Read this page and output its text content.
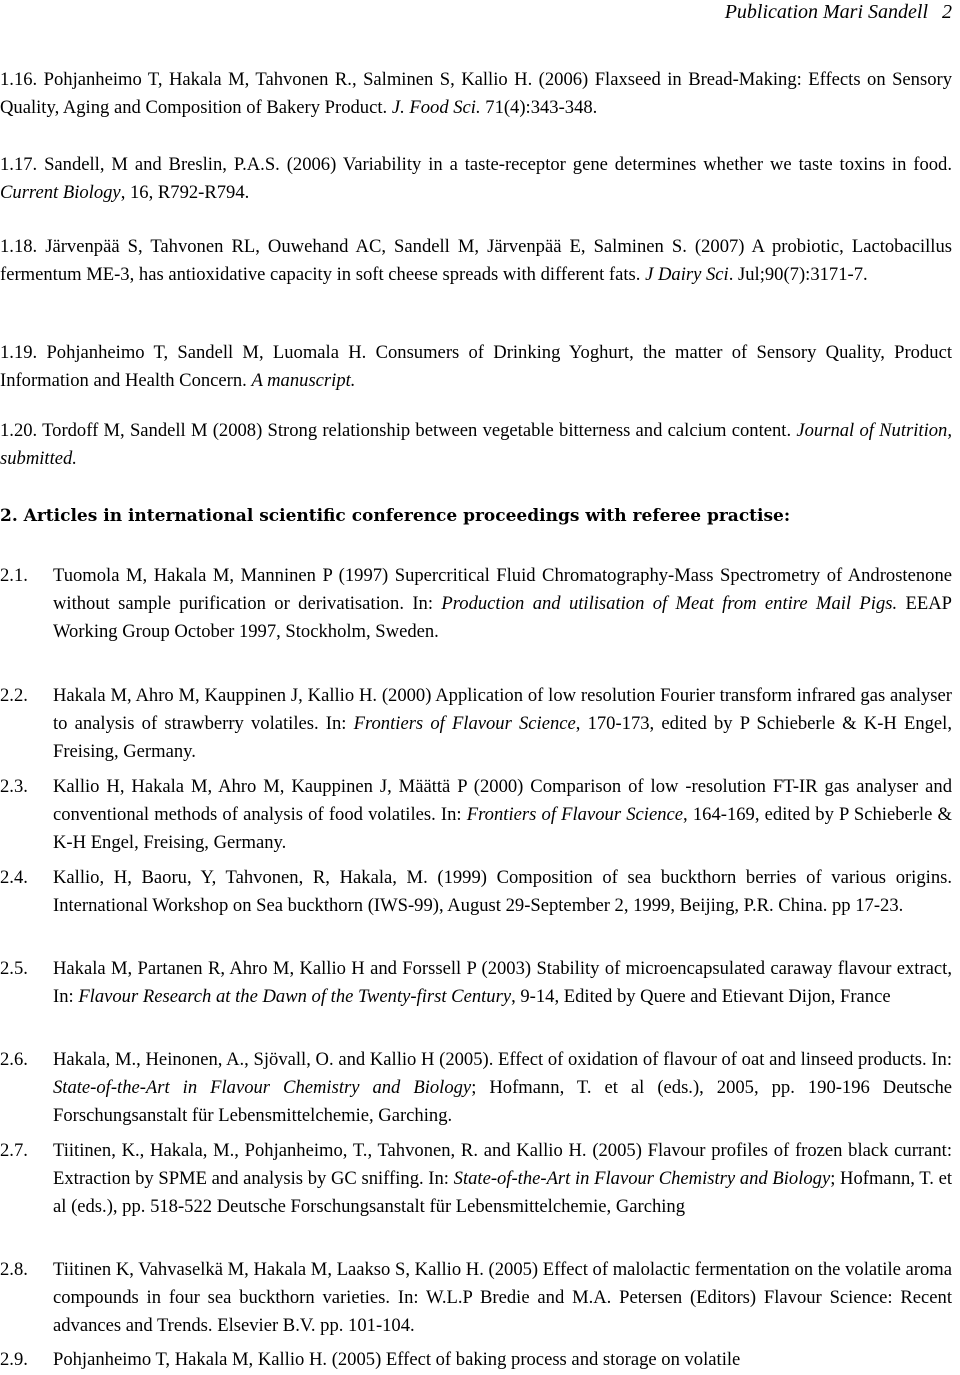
Publication Mari Sandell 2
1.16. Pohjanheimo T, Hakala M, Tahvonen R., Salminen S, Kallio H. (2006) Flaxseed in Bread-Making: Effects on Sensory Quality, Aging and Composition of Bakery Product. J. Food Sci. 71(4):343-348.
1.17. Sandell, M and Breslin, P.A.S. (2006) Variability in a taste-receptor gene determines whether we taste toxins in food. Current Biology, 16, R792-R794.
1.18. Järvenpää S, Tahvonen RL, Ouwehand AC, Sandell M, Järvenpää E, Salminen S. (2007) A probiotic, Lactobacillus fermentum ME-3, has antioxidative capacity in soft cheese spreads with different fats. J Dairy Sci. Jul;90(7):3171-7.
1.19. Pohjanheimo T, Sandell M, Luomala H. Consumers of Drinking Yoghurt, the matter of Sensory Quality, Product Information and Health Concern. A manuscript.
1.20. Tordoff M, Sandell M (2008) Strong relationship between vegetable bitterness and calcium content. Journal of Nutrition, submitted.
2. Articles in international scientific conference proceedings with referee practise:
2.1.	Tuomola M, Hakala M, Manninen P (1997) Supercritical Fluid Chromatography-Mass Spectrometry of Androstenone without sample purification or derivatisation. In: Production and utilisation of Meat from entire Mail Pigs. EEAP Working Group October 1997, Stockholm, Sweden.
2.2.	Hakala M, Ahro M, Kauppinen J, Kallio H. (2000) Application of low resolution Fourier transform infrared gas analyser to analysis of strawberry volatiles. In: Frontiers of Flavour Science, 170-173, edited by P Schieberle & K-H Engel, Freising, Germany.
2.3.	Kallio H, Hakala M, Ahro M, Kauppinen J, Määttä P (2000) Comparison of low -resolution FT-IR gas analyser and conventional methods of analysis of food volatiles. In: Frontiers of Flavour Science, 164-169, edited by P Schieberle & K-H Engel, Freising, Germany.
2.4.	Kallio, H, Baoru, Y, Tahvonen, R, Hakala, M. (1999) Composition of sea buckthorn berries of various origins. International Workshop on Sea buckthorn (IWS-99), August 29-September 2, 1999, Beijing, P.R. China. pp 17-23.
2.5.	Hakala M, Partanen R, Ahro M, Kallio H and Forssell P (2003) Stability of microencapsulated caraway flavour extract, In: Flavour Research at the Dawn of the Twenty-first Century, 9-14, Edited by Quere and Etievant Dijon, France
2.6.	Hakala, M., Heinonen, A., Sjövall, O. and Kallio H (2005). Effect of oxidation of flavour of oat and linseed products. In: State-of-the-Art in Flavour Chemistry and Biology; Hofmann, T. et al (eds.), 2005, pp. 190-196 Deutsche Forschungsanstalt für Lebensmittelchemie, Garching.
2.7.	Tiitinen, K., Hakala, M., Pohjanheimo, T., Tahvonen, R. and Kallio H. (2005) Flavour profiles of frozen black currant: Extraction by SPME and analysis by GC sniffing. In: State-of-the-Art in Flavour Chemistry and Biology; Hofmann, T. et al (eds.), pp. 518-522 Deutsche Forschungsanstalt für Lebensmittelchemie, Garching
2.8.	Tiitinen K, Vahvaselkä M, Hakala M, Laakso S, Kallio H. (2005) Effect of malolactic fermentation on the volatile aroma compounds in four sea buckthorn varieties. In: W.L.P Bredie and M.A. Petersen (Editors) Flavour Science: Recent advances and Trends. Elsevier B.V. pp. 101-104.
2.9.	Pohjanheimo T, Hakala M, Kallio H. (2005) Effect of baking process and storage on volatile
